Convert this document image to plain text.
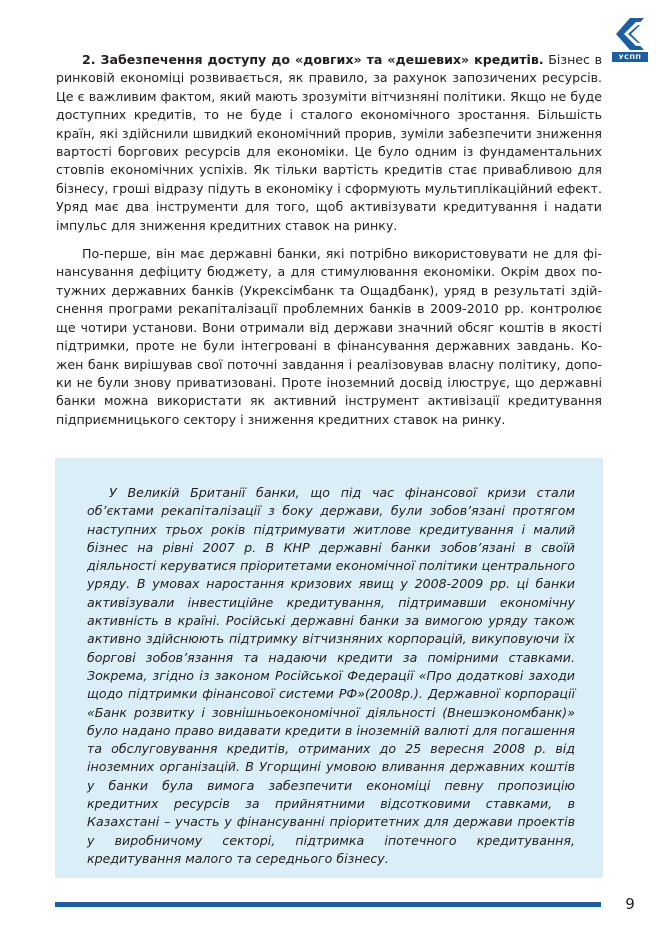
УСПП

2. Забезпечення доступу до «довгих» та «дешевих» кредитів. Бізнес в ринковій економіці розвивається, як правило, за рахунок запозичених ресурсів. Це є важливим фактом, який мають зрозуміти вітчизняні політики. Якщо не буде доступних кредитів, то не буде і сталого економічного зростання. Більшість країн, які здійснили швидкий економічний прорив, зуміли забезпечити зниження вартості боргових ресурсів для економіки. Це було одним із фундаментальних стовпів економічних успіхів. Як тільки вартість кредитів стає привабливою для бізнесу, гроші відразу підуть в економіку і сформують мультиплікаційний ефект. Уряд має два інструменти для того, щоб активізувати кредитування і надати імпульс для зниження кредитних ставок на ринку.

По-перше, він має державні банки, які потрібно використовувати не для фінансування дефіциту бюджету, а для стимулювання економіки. Окрім двох потужних державних банків (Укрексімбанк та Ощадбанк), уряд в результаті здійснення програми рекапіталізації проблемних банків в 2009-2010 рр. контролює ще чотири установи. Вони отримали від держави значний обсяг коштів в якості підтримки, проте не були інтегровані в фінансування державних завдань. Кожен банк вирішував свої поточні завдання і реалізовував власну політику, допоки не були знову приватизовані. Проте іноземний досвід ілюструє, що державні банки можна використати як активний інструмент активізації кредитування підприємницького сектору і зниження кредитних ставок на ринку.

У Великій Британії банки, що під час фінансової кризи стали об’єктами рекапіталізації з боку держави, були зобов’язані протягом наступних трьох років підтримувати житлове кредитування і малий бізнес на рівні 2007 р. В КНР державні банки зобов’язані в своїй діяльності керуватися пріоритетами економічної політики центрального уряду. В умовах наростання кризових явищ у 2008-2009 рр. ці банки активізували інвестиційне кредитування, підтримавши економічну активність в країні. Російські державні банки за вимогою уряду також активно здійснюють підтримку вітчизняних корпорацій, викуповуючи їх боргові зобов’язання та надаючи кредити за помірними ставками. Зокрема, згідно із законом Російської Федерації «Про додаткові заходи щодо підтримки фінансової системи РФ»(2008р.). Державної корпорації «Банк розвитку і зовнішньоекономічної діяльності (Внешэкономбанк)» було надано право видавати кредити в іноземній валюті для погашення та обслуговування кредитів, отриманих до 25 вересня 2008 р. від іноземних організацій. В Угорщині умовою вливання державних коштів у банки була вимога забезпечити економіці певну пропозицію кредитних ресурсів за прийнятними відсотковими ставками, в Казахстані – участь у фінансуванні пріоритетних для держави проектів у виробничому секторі, підтримка іпотечного кредитування, кредитування малого та середнього бізнесу.

9
